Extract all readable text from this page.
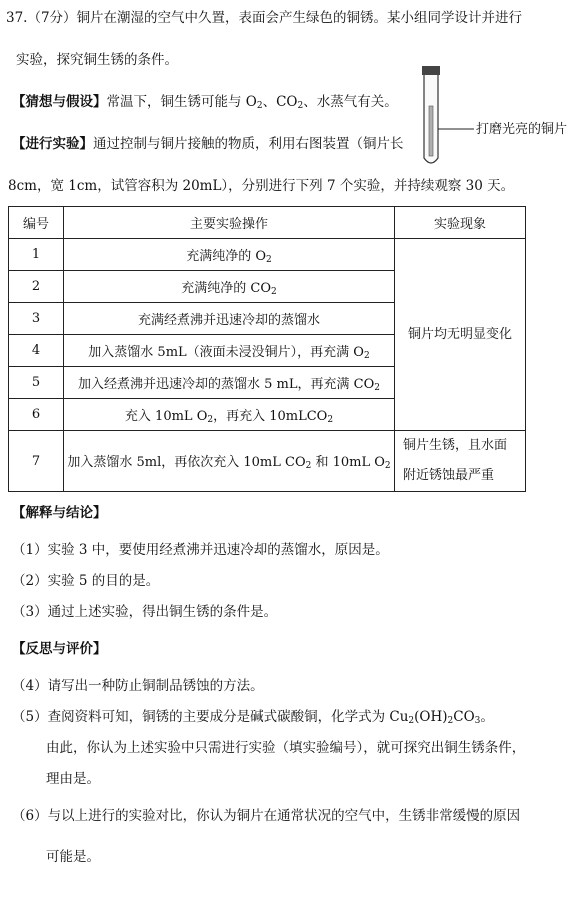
37.（7分）铜片在潮湿的空气中久置，表面会产生绿色的铜锈。某小组同学设计并进行
实验，探究铜生锈的条件。
【猜想与假设】常温下，铜生锈可能与 $O_2$、$CO_2$、水蒸气有关。
【进行实验】通过控制与铜片接触的物质，利用右图装置（铜片长
8cm，宽 1cm，试管容积为 20mL），分别进行下列 7 个实验，并持续观察 30 天。
打磨光亮的铜片
编号	主要实验操作	实验现象
1	充满纯净的 $O_2$	铜片均无明显变化
2	充满纯净的 $CO_2$
3	充满经煮沸并迅速冷却的蒸馏水	
4	加入蒸馏水 5mL（液面未浸没铜片），再充满 $O_2$
5	加入经煮沸并迅速冷却的蒸馏水 5 mL，再充满 $CO_2$
6	充入 10mL $O_2$，再充入 10mLCO$_2$
7	加入蒸馏水 5ml，再依次充入 10mL $CO_2$ 和 10mL $O_2$	铜片生锈，且水面
附近锈蚀最严重
【解释与结论】
（1）实验 3 中，要使用经煮沸并迅速冷却的蒸馏水，原因是。
（2）实验 5 的目的是。
（3）通过上述实验，得出铜生锈的条件是。
【反思与评价】
（4）请写出一种防止铜制品锈蚀的方法。
（5）查阅资料可知，铜锈的主要成分是碱式碳酸铜，化学式为 $Cu_2(OH)_2CO_3$。
由此，你认为上述实验中只需进行实验（填实验编号），就可探究出铜生锈条件，
理由是。
（6）与以上进行的实验对比，你认为铜片在通常状况的空气中，生锈非常缓慢的原因
可能是。
